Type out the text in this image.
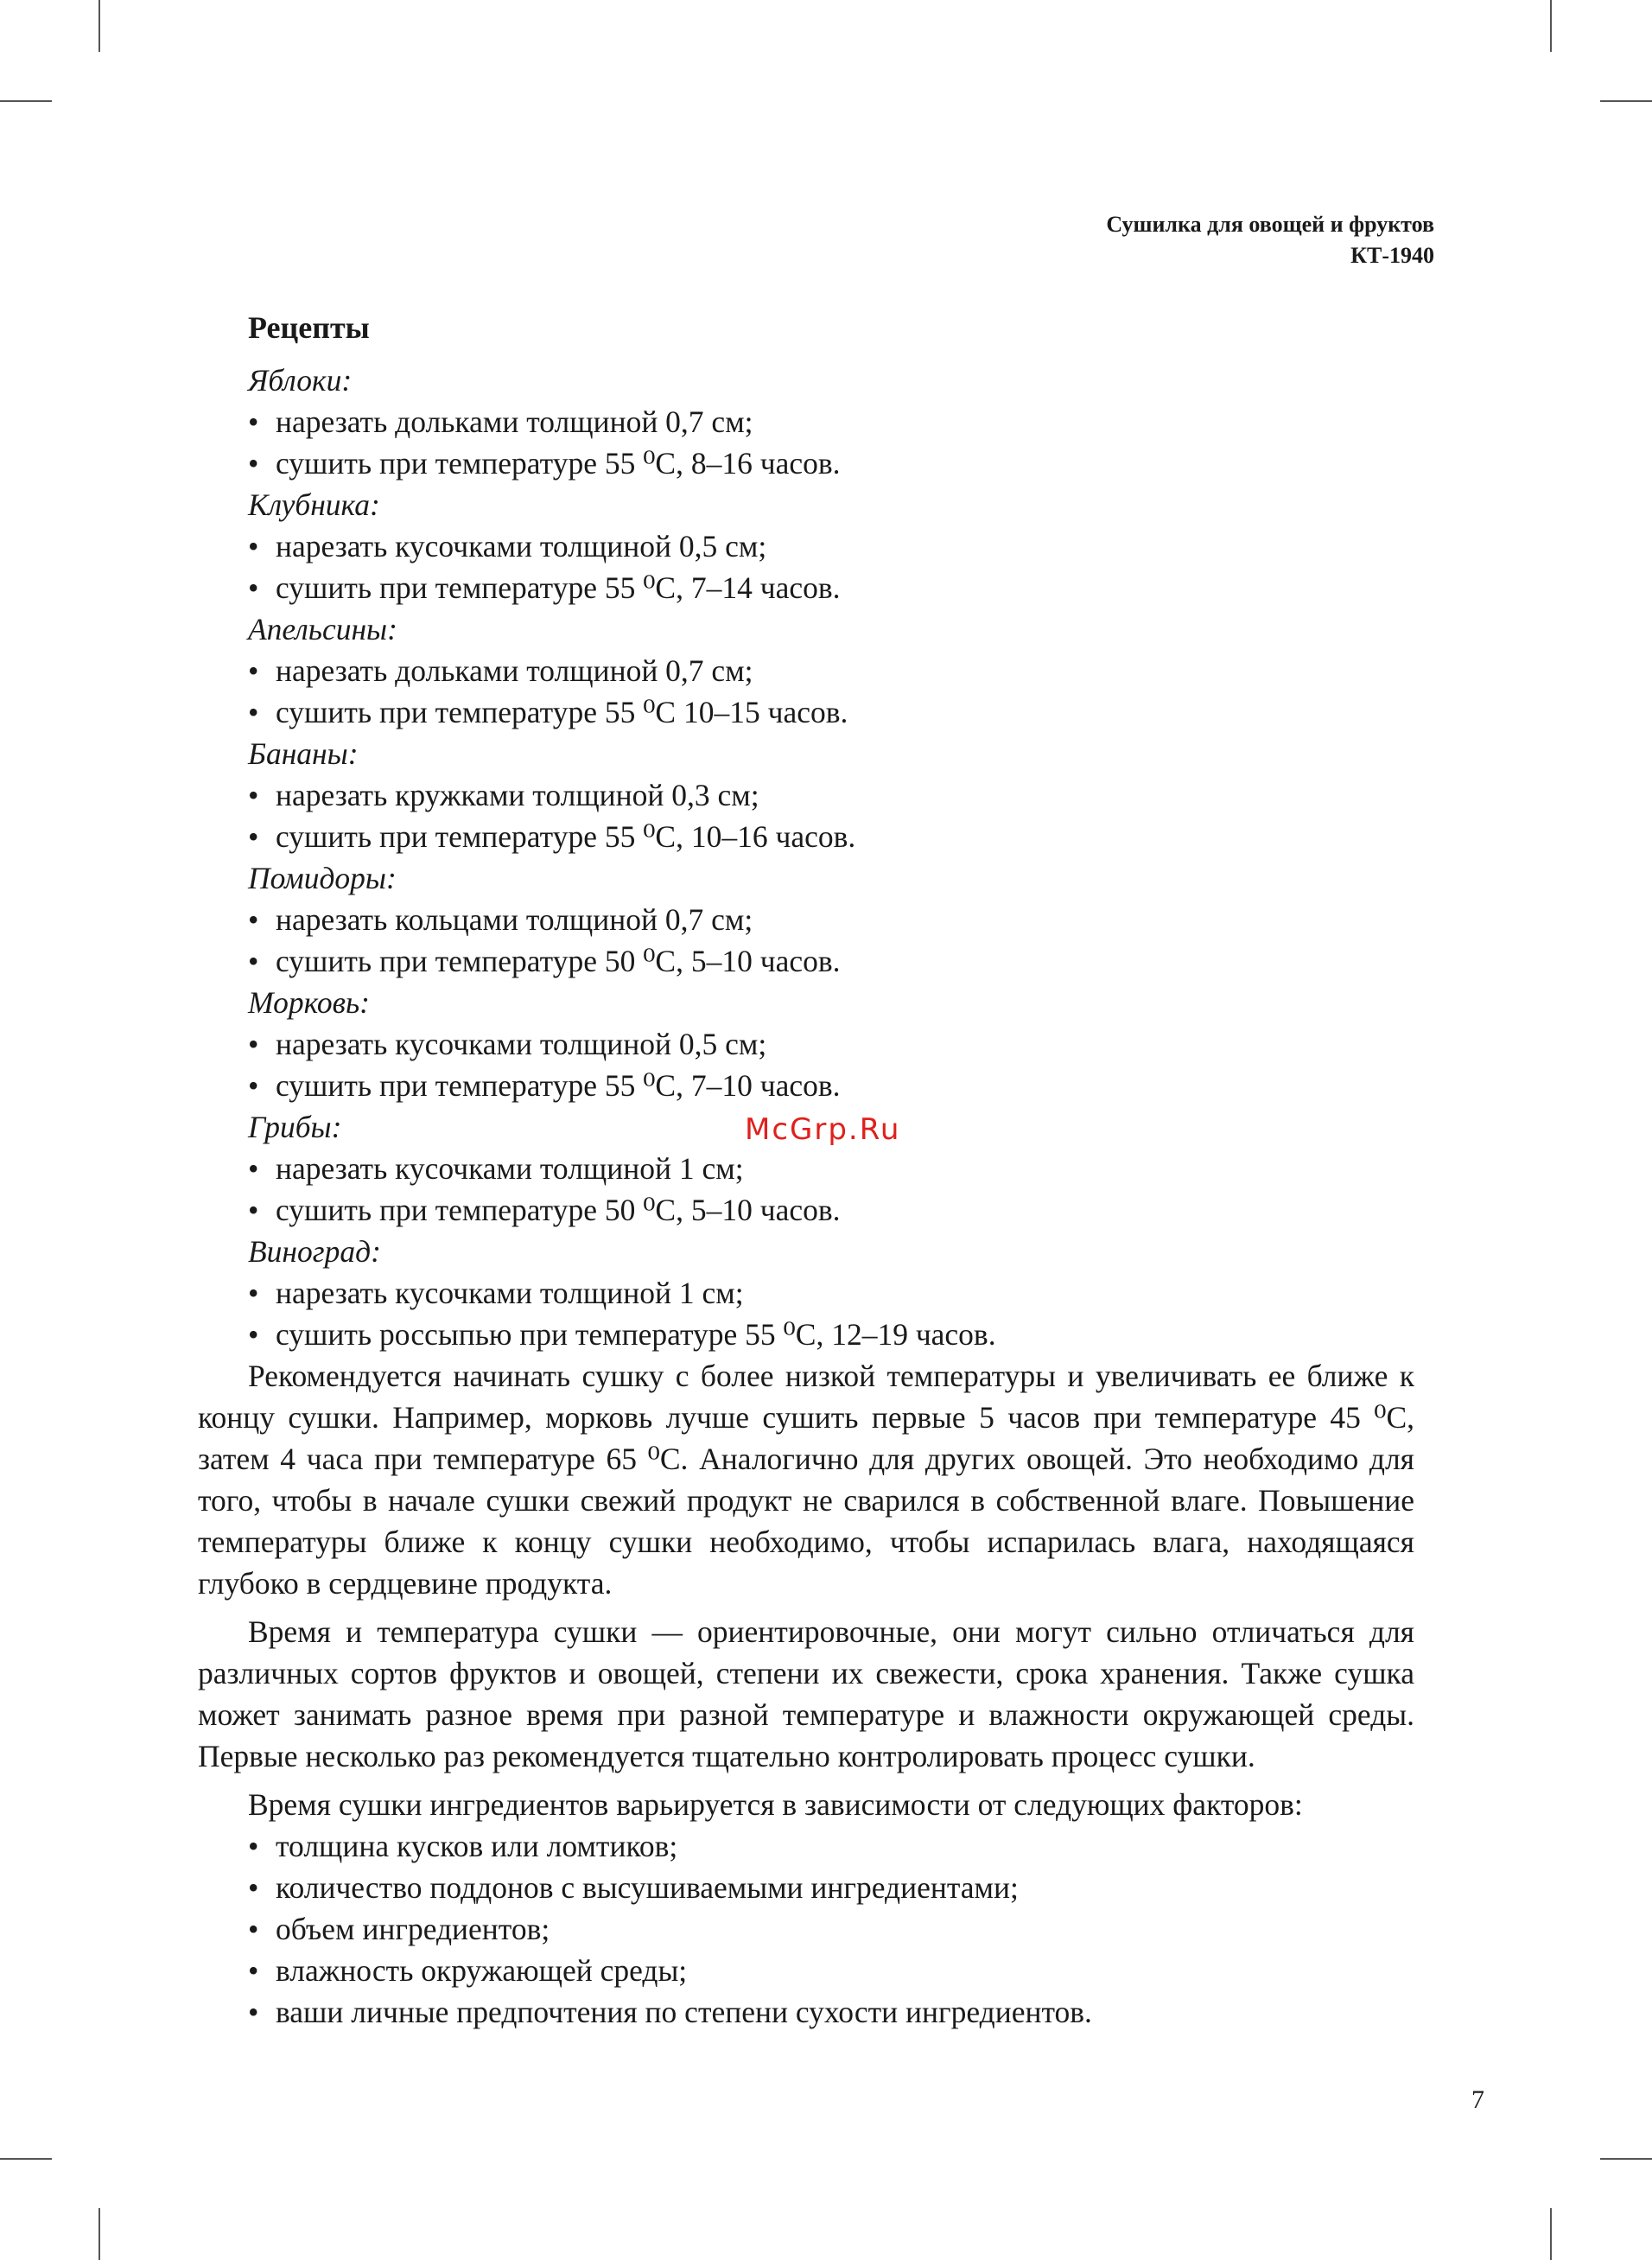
Сушилка для овощей и фруктов
КТ-1940
Рецепты
Яблоки:
• нарезать дольками толщиной 0,7 см;
• сушить при температуре 55 ⁰С, 8–16 часов.
Клубника:
• нарезать кусочками толщиной 0,5 см;
• сушить при температуре 55 ⁰С, 7–14 часов.
Апельсины:
• нарезать дольками толщиной 0,7 см;
• сушить при температуре 55 ⁰С 10–15 часов.
Бананы:
• нарезать кружками толщиной 0,3 см;
• сушить при температуре 55 ⁰С, 10–16 часов.
Помидоры:
• нарезать кольцами толщиной 0,7 см;
• сушить при температуре 50 ⁰С, 5–10 часов.
Морковь:
• нарезать кусочками толщиной 0,5 см;
• сушить при температуре 55 ⁰С, 7–10 часов.
Грибы:
• нарезать кусочками толщиной 1 см;
• сушить при температуре 50 ⁰С, 5–10 часов.
Виноград:
• нарезать кусочками толщиной 1 см;
• сушить россыпью при температуре 55 ⁰С, 12–19 часов.

Рекомендуется начинать сушку с более низкой температуры и увеличивать ее ближе к концу сушки. Например, морковь лучше сушить первые 5 часов при температуре 45 ⁰С, затем 4 часа при температуре 65 ⁰С. Аналогично для других овощей. Это необходимо для того, чтобы в начале сушки свежий продукт не сварился в собственной влаге. Повышение температуры ближе к концу сушки необходимо, чтобы испарилась влага, находящаяся глубоко в сердцевине продукта.

Время и температура сушки — ориентировочные, они могут сильно отличаться для различных сортов фруктов и овощей, степени их свежести, срока хранения. Также сушка может занимать разное время при разной температуре и влажности окружающей среды. Первые несколько раз рекомендуется тщательно контролировать процесс сушки.

Время сушки ингредиентов варьируется в зависимости от следующих факторов:

• толщина кусков или ломтиков;
• количество поддонов с высушиваемыми ингредиентами;
• объем ингредиентов;
• влажность окружающей среды;
• ваши личные предпочтения по степени сухости ингредиентов.
McGrp.Ru
7
